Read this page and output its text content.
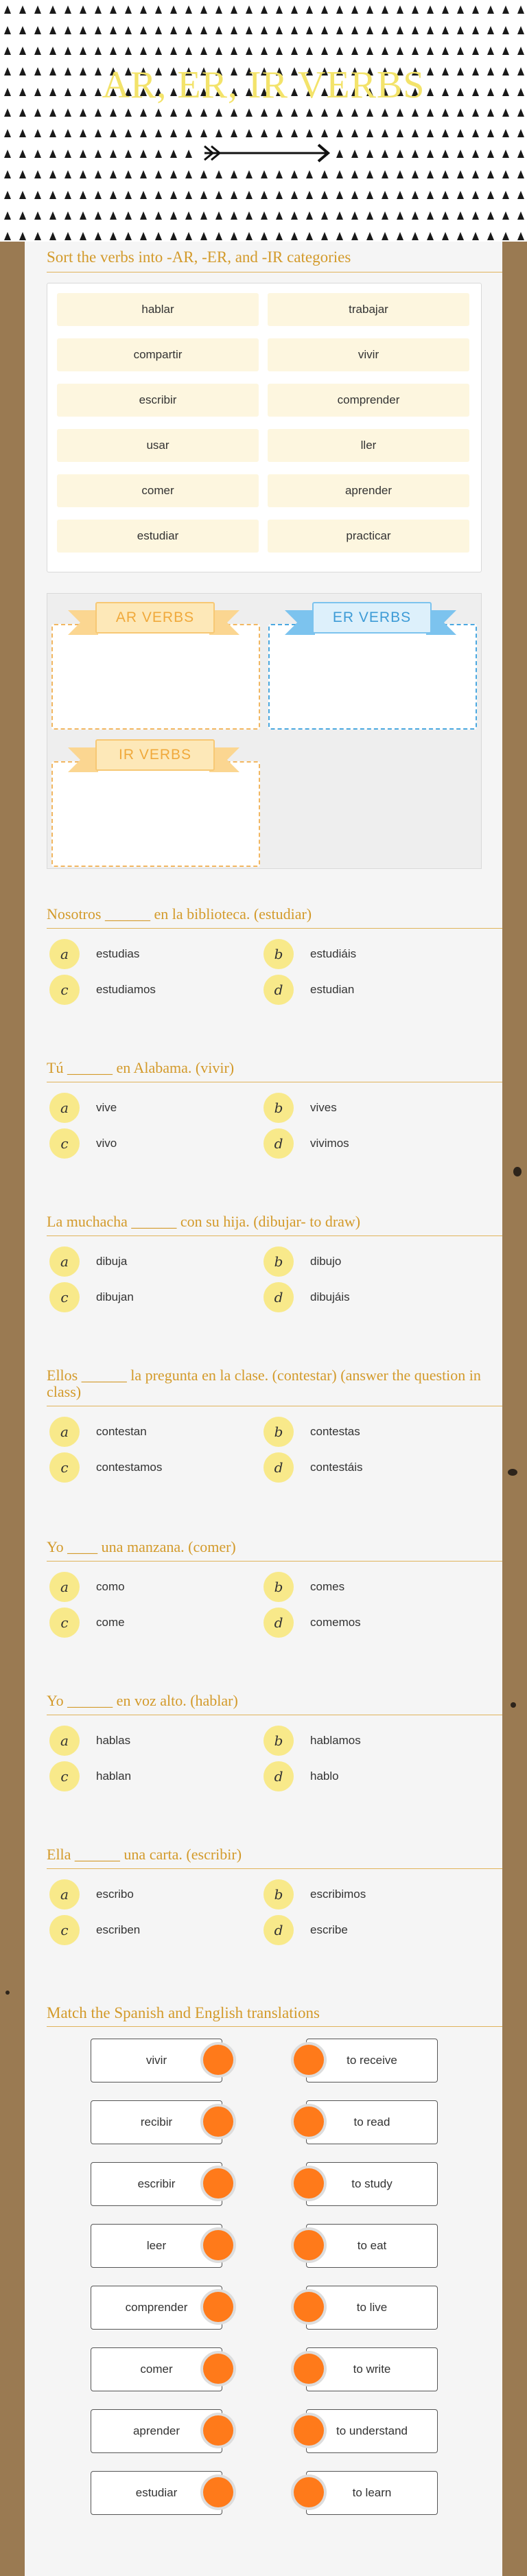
AR, ER, IR VERBS
Sort the verbs into -AR, -ER, and -IR categories
hablar	trabajar
compartir	vivir
escribir	comprender
usar	ller
comer	aprender
estudiar	practicar
AR VERBS	ER VERBS
IR VERBS
Nosotros ______ en la biblioteca. (estudiar)
a	estudias	b	estudiáis
c	estudiamos	d	estudian
Tú ______ en Alabama. (vivir)
a	vive	b	vives
c	vivo	d	vivimos
La muchacha ______ con su hija. (dibujar- to draw)
a	dibuja	b	dibujo
c	dibujan	d	dibujáis
Ellos ______ la pregunta en la clase. (contestar) (answer the question in class)
a	contestan	b	contestas
c	contestamos	d	contestáis
Yo ____ una manzana. (comer)
a	como	b	comes
c	come	d	comemos
Yo ______ en voz alto. (hablar)
a	hablas	b	hablamos
c	hablan	d	hablo
Ella ______ una carta. (escribir)
a	escribo	b	escribimos
c	escriben	d	escribe
Match the Spanish and English translations
vivir	to receive
recibir	to read
escribir	to study
leer	to eat
comprender	to live
comer	to write
aprender	to understand
estudiar	to learn
